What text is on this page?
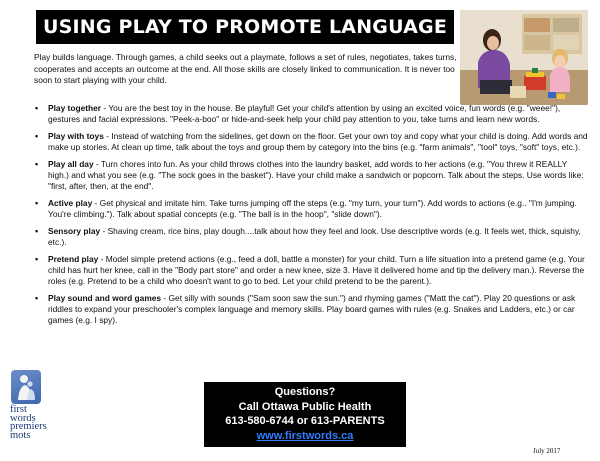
USING PLAY TO PROMOTE LANGUAGE

Play builds language. Through games, a child seeks out a playmate, follows a set of rules, negotiates, takes turns, cooperates and accepts an outcome at the end. All those skills are closely linked to communication. It is never too soon to start playing with your child.

• Play together - You are the best toy in the house. Be playful! Get your child's attention by using an excited voice, fun words (e.g. "weee!"), gestures and facial expressions. "Peek-a-boo" or hide-and-seek help your child pay attention to you, take turns and learn new words.
• Play with toys - Instead of watching from the sidelines, get down on the floor. Get your own toy and copy what your child is doing. Add words and make up stories. At clean up time, talk about the toys and group them by category into the bins (e.g. "farm animals", "tool" toys, "soft" toys, etc.).
• Play all day - Turn chores into fun. As your child throws clothes into the laundry basket, add words to her actions (e.g. "You threw it REALLY high.) and what you see (e.g. "The sock goes in the basket"). Have your child make a sandwich or popcorn. Talk about the steps. Use words like: "first, after, then, at the end".
• Active play - Get physical and imitate him. Take turns jumping off the steps (e.g. "my turn, your turn"). Add words to actions (e.g.. "I'm jumping. You're climbing."). Talk about spatial concepts (e.g. "The ball is in the hoop", "slide down").
• Sensory play - Shaving cream, rice bins, play dough....talk about how they feel and look. Use descriptive words (e.g. It feels wet, thick, squishy, etc.).
• Pretend play - Model simple pretend actions (e.g., feed a doll, battle a monster) for your child. Turn a life situation into a pretend game (e.g. Your child has hurt her knee, call in the "Body part store" and order a new knee, size 3. Have it delivered home and tip the delivery man.). Reverse the roles (e.g. Pretend to be a child who doesn't want to go to bed. Let your child pretend to be the parent.).
• Play sound and word games - Get silly with sounds ("Sam soon saw the sun.") and rhyming games ("Matt the cat"). Play 20 questions or ask riddles to expand your preschooler's complex language and memory skills. Play board games with rules (e.g. Snakes and Ladders, etc.) or car games (e.g. I spy).
first
words
premiers
mots
Questions?
Call Ottawa Public Health
613-580-6744 or 613-PARENTS
www.firstwords.ca
July 2017
